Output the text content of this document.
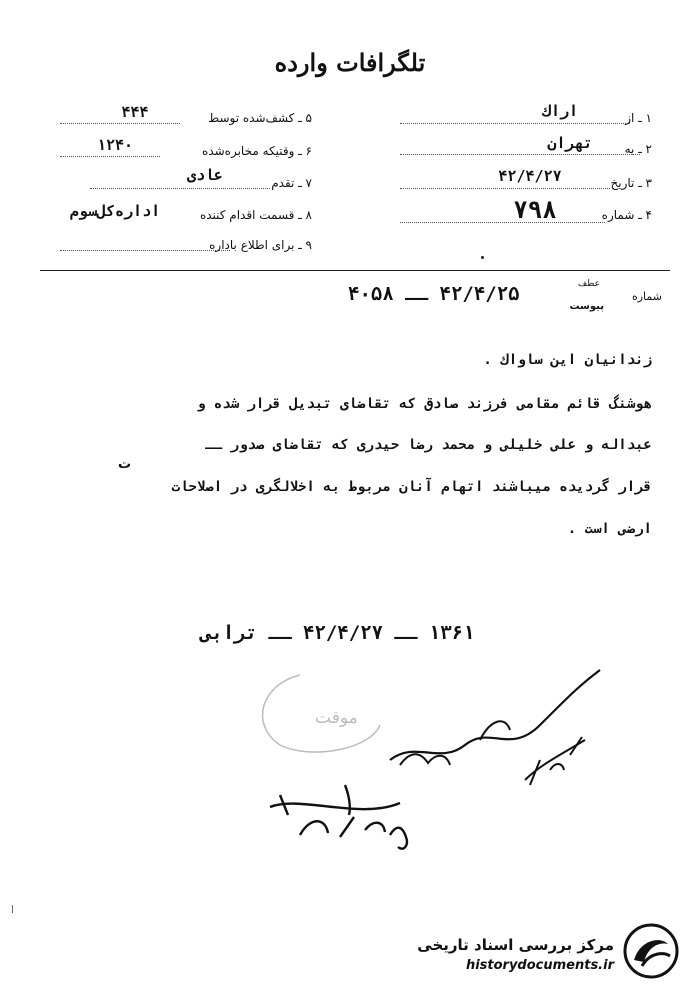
تلگرافات وارده
۱ ـ از
اراك
۲ ـ به
تهران
۳ ـ تاریخ
۴۲/۴/۲۷
۴ ـ شماره
۷۹۸
۵ ـ کشف‌شده توسط
۴۴۴
۶ ـ وقتیکه مخابره‌شده
۱۲۴۰
۷ ـ تقدم
عادی
۸ ـ قسمت اقدام کننده
اداره‌کل‌سوم
۹ ـ برای اطلاع باداره
شماره
عطف
پیوست
۴۲/۴/۲۵ ــ ۴۰۵۸
زندانیان این ساواك .
هوشنگ قائم مقامی فرزند صادق که تقاضای تبدیل قرار شده و
عبداله و علی خلیلی و محمد رضا حیدری که تقاضای صدور ــ
ت
قرار گردیده میباشند اتهام آنان مربوط به اخلالگری در اصلاحات
ارضی است .
۱۳۶۱ ــ ۴۲/۴/۲۷ ــ ترابی
موقت
مرکز بررسی اسناد تاریخی
historydocuments.ir
